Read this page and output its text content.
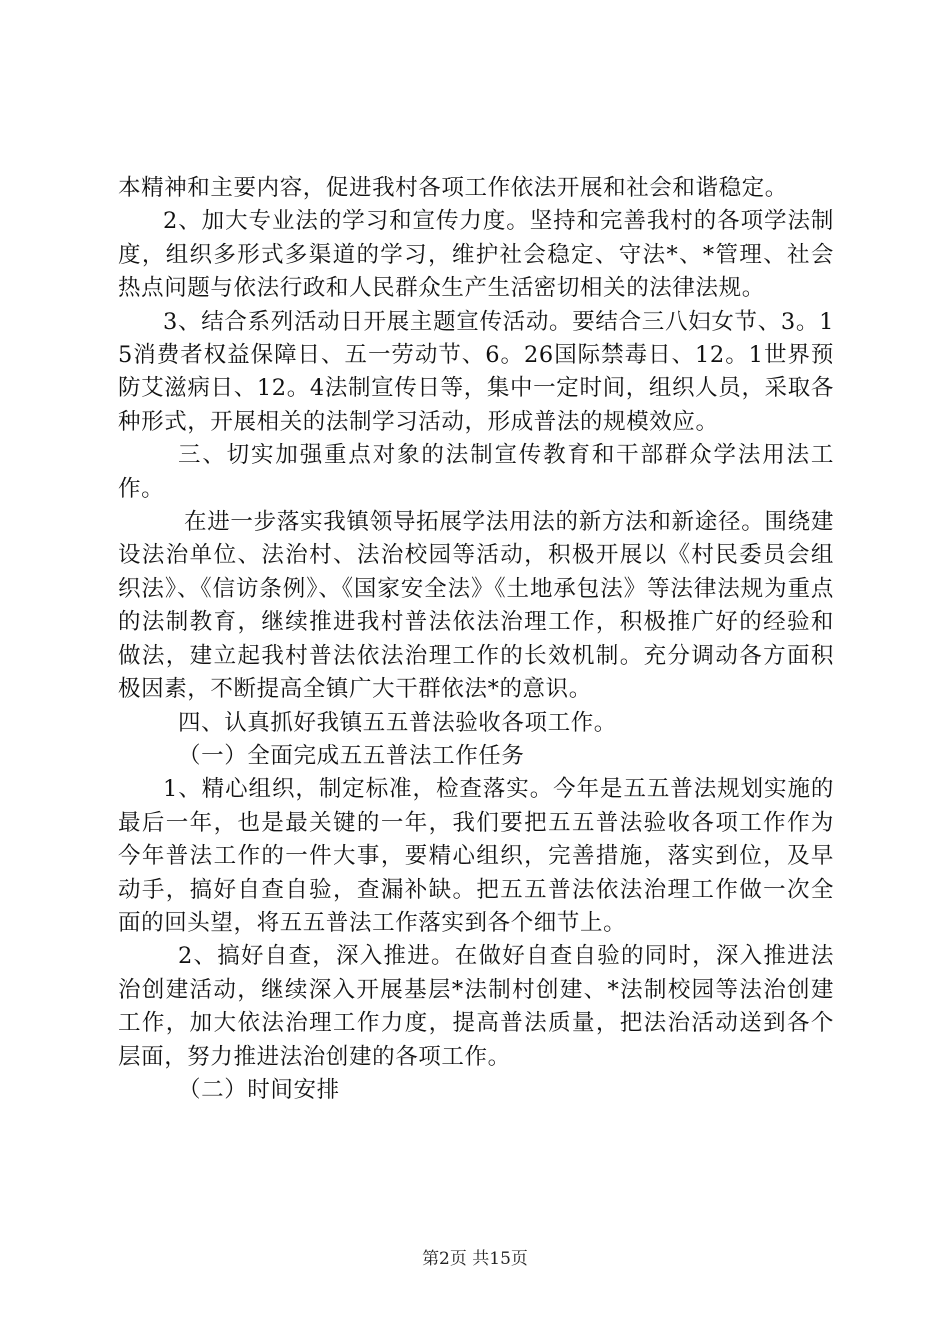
本精神和主要内容，促进我村各项工作依法开展和社会和谐稳定。

2、加大专业法的学习和宣传力度。坚持和完善我村的各项学法制度，组织多形式多渠道的学习，维护社会稳定、守法*、*管理、社会热点问题与依法行政和人民群众生产生活密切相关的法律法规。

3、结合系列活动日开展主题宣传活动。要结合三八妇女节、3。15消费者权益保障日、五一劳动节、6。26国际禁毒日、12。1世界预防艾滋病日、12。4法制宣传日等，集中一定时间，组织人员，采取各种形式，开展相关的法制学习活动，形成普法的规模效应。

三、切实加强重点对象的法制宣传教育和干部群众学法用法工作。

在进一步落实我镇领导拓展学法用法的新方法和新途径。围绕建设法治单位、法治村、法治校园等活动，积极开展以《村民委员会组织法》、《信访条例》、《国家安全法》《土地承包法》等法律法规为重点的法制教育，继续推进我村普法依法治理工作，积极推广好的经验和做法，建立起我村普法依法治理工作的长效机制。充分调动各方面积极因素，不断提高全镇广大干群依法*的意识。

四、认真抓好我镇五五普法验收各项工作。

（一）全面完成五五普法工作任务

1、精心组织，制定标准，检查落实。今年是五五普法规划实施的最后一年，也是最关键的一年，我们要把五五普法验收各项工作作为今年普法工作的一件大事，要精心组织，完善措施，落实到位，及早动手，搞好自查自验，查漏补缺。把五五普法依法治理工作做一次全面的回头望，将五五普法工作落实到各个细节上。

2、搞好自查，深入推进。在做好自查自验的同时，深入推进法治创建活动，继续深入开展基层*法制村创建、*法制校园等法治创建工作，加大依法治理工作力度，提高普法质量，把法治活动送到各个层面，努力推进法治创建的各项工作。

（二）时间安排

第2页 共15页
